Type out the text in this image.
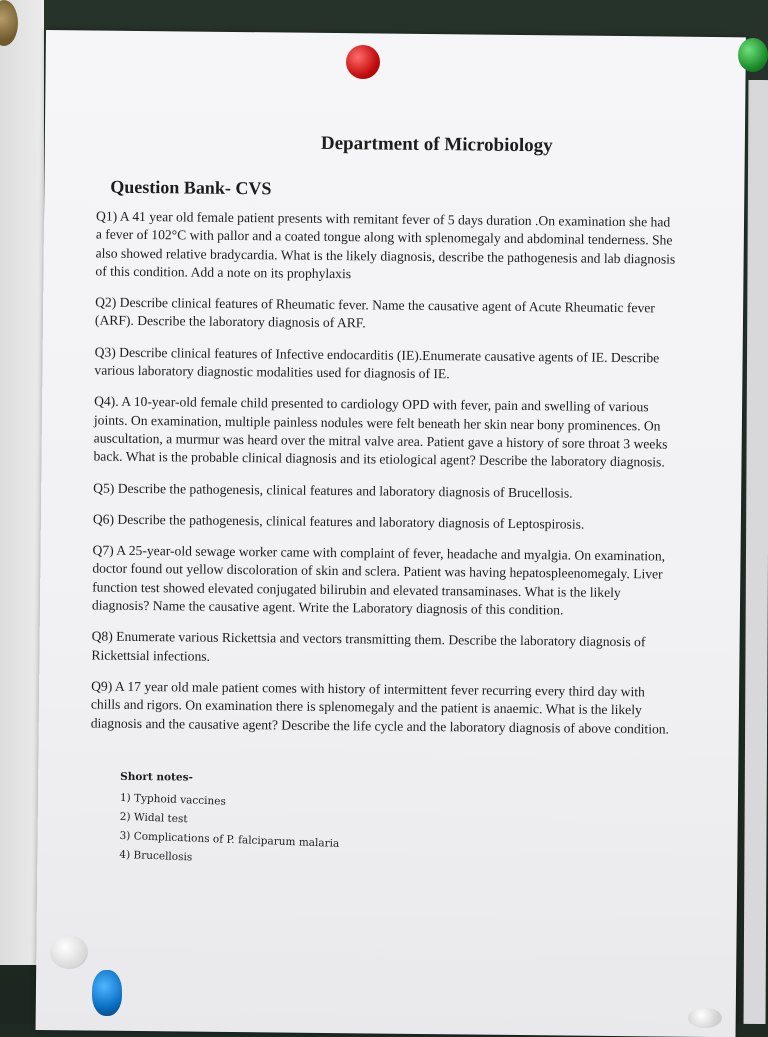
Department of Microbiology
Question Bank- CVS

Q1) A 41 year old female patient presents with remitant fever of 5 days duration .On examination she had a fever of 102°C with pallor and a coated tongue along with splenomegaly and abdominal tenderness. She also showed relative bradycardia. What is the likely diagnosis, describe the pathogenesis and lab diagnosis of this condition. Add a note on its prophylaxis

Q2) Describe clinical features of Rheumatic fever. Name the causative agent of Acute Rheumatic fever (ARF). Describe the laboratory diagnosis of ARF.

Q3) Describe clinical features of Infective endocarditis (IE).Enumerate causative agents of IE. Describe various laboratory diagnostic modalities used for diagnosis of IE.

Q4). A 10-year-old female child presented to cardiology OPD with fever, pain and swelling of various joints. On examination, multiple painless nodules were felt beneath her skin near bony prominences. On auscultation, a murmur was heard over the mitral valve area. Patient gave a history of sore throat 3 weeks back. What is the probable clinical diagnosis and its etiological agent? Describe the laboratory diagnosis.

Q5) Describe the pathogenesis, clinical features and laboratory diagnosis of Brucellosis.

Q6) Describe the pathogenesis, clinical features and laboratory diagnosis of Leptospirosis.

Q7) A 25-year-old sewage worker came with complaint of fever, headache and myalgia. On examination, doctor found out yellow discoloration of skin and sclera. Patient was having hepatospleenomegaly. Liver function test showed elevated conjugated bilirubin and elevated transaminases. What is the likely diagnosis? Name the causative agent. Write the Laboratory diagnosis of this condition.

Q8) Enumerate various Rickettsia and vectors transmitting them. Describe the laboratory diagnosis of Rickettsial infections.

Q9) A 17 year old male patient comes with history of intermittent fever recurring every third day with chills and rigors. On examination there is splenomegaly and the patient is anaemic. What is the likely diagnosis and the causative agent? Describe the life cycle and the laboratory diagnosis of above condition.

Short notes-
1) Typhoid vaccines
2) Widal test
3) Complications of P. falciparum malaria
4) Brucellosis
